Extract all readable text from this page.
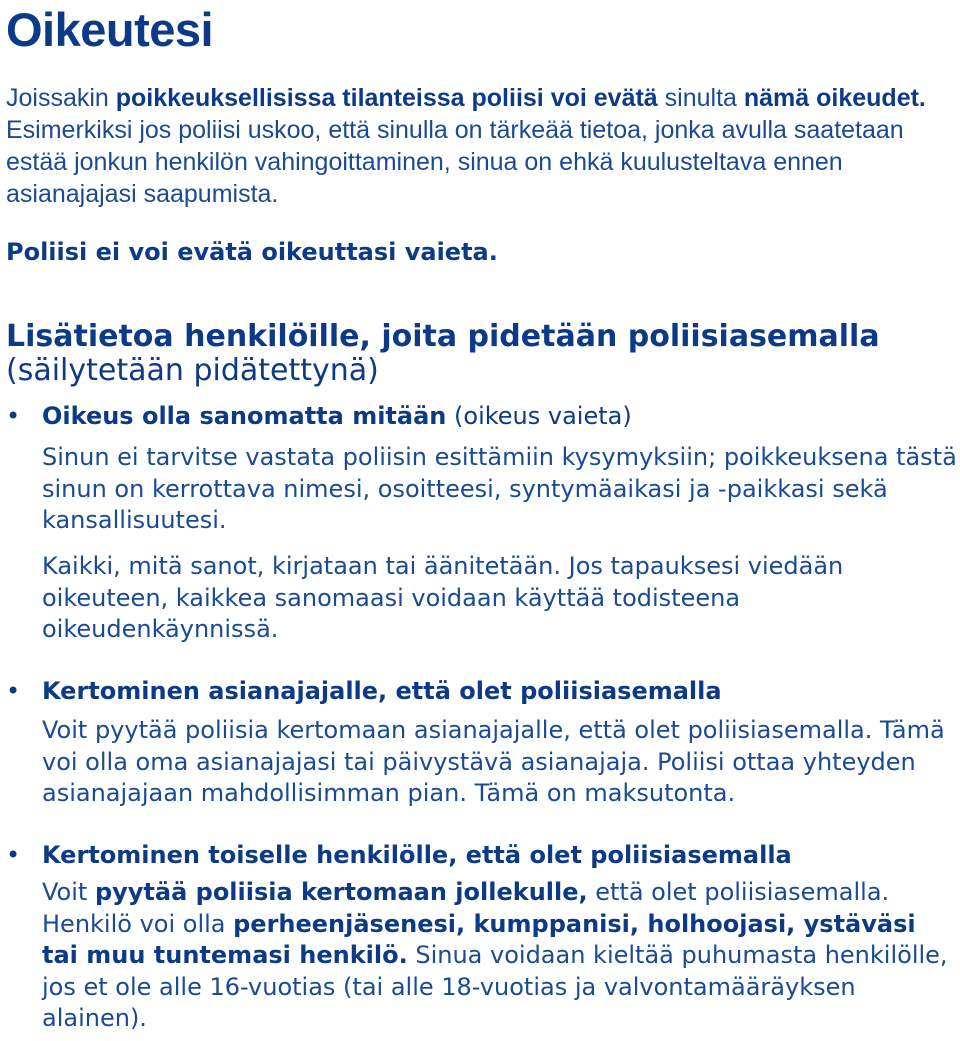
Oikeutesi

Joissakin poikkeuksellisissa tilanteissa poliisi voi evätä sinulta nämä oikeudet. Esimerkiksi jos poliisi uskoo, että sinulla on tärkeää tietoa, jonka avulla saatetaan estää jonkun henkilön vahingoittaminen, sinua on ehkä kuulusteltava ennen asianajajasi saapumista.

Poliisi ei voi evätä oikeuttasi vaieta.

Lisätietoa henkilöille, joita pidetään poliisiasemalla
(säilytetään pidätettynä)
• Oikeus olla sanomatta mitään (oikeus vaieta)

Sinun ei tarvitse vastata poliisin esittämiin kysymyksiin; poikkeuksena tästä sinun on kerrottava nimesi, osoitteesi, syntymäaikasi ja -paikkasi sekä kansallisuutesi.

Kaikki, mitä sanot, kirjataan tai äänitetään. Jos tapauksesi viedään oikeuteen, kaikkea sanomaasi voidaan käyttää todisteena oikeudenkäynnissä.

• Kertominen asianajajalle, että olet poliisiasemalla

Voit pyytää poliisia kertomaan asianajajalle, että olet poliisiasemalla. Tämä voi olla oma asianajajasi tai päivystävä asianajaja. Poliisi ottaa yhteyden asianajajaan mahdollisimman pian. Tämä on maksutonta.

• Kertominen toiselle henkilölle, että olet poliisiasemalla

Voit pyytää poliisia kertomaan jollekulle, että olet poliisiasemalla. Henkilö voi olla perheenjäsenesi, kumppanisi, holhoojasi, ystäväsi tai muu tuntemasi henkilö. Sinua voidaan kieltää puhumasta henkilölle, jos et ole alle 16-vuotias (tai alle 18-vuotias ja valvontamääräyksen alainen).
